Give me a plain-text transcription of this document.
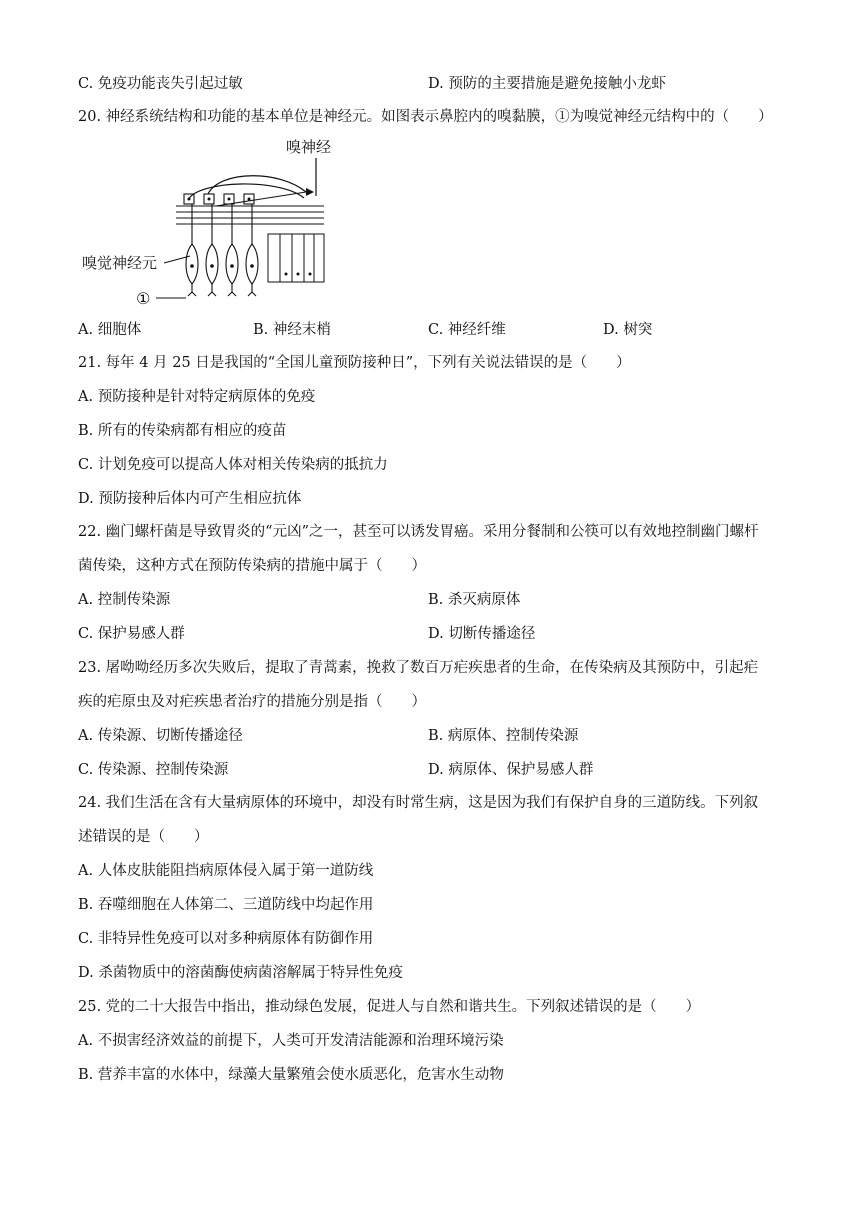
C. 免疫功能丧失引起过敏	D. 预防的主要措施是避免接触小龙虾
20. 神经系统结构和功能的基本单位是神经元。如图表示鼻腔内的嗅黏膜，①为嗅觉神经元结构中的（　　）
嗅神经
嗅觉神经元
①
A. 细胞体	B. 神经末梢	C. 神经纤维	D. 树突
21. 每年 4 月 25 日是我国的“全国儿童预防接种日”，下列有关说法错误的是（　　）
A. 预防接种是针对特定病原体的免疫
B. 所有的传染病都有相应的疫苗
C. 计划免疫可以提高人体对相关传染病的抵抗力
D. 预防接种后体内可产生相应抗体
22. 幽门螺杆菌是导致胃炎的“元凶”之一，甚至可以诱发胃癌。采用分餐制和公筷可以有效地控制幽门螺杆
菌传染，这种方式在预防传染病的措施中属于（　　）
A. 控制传染源	B. 杀灭病原体
C. 保护易感人群	D. 切断传播途径
23. 屠呦呦经历多次失败后，提取了青蒿素，挽救了数百万疟疾患者的生命，在传染病及其预防中，引起疟
疾的疟原虫及对疟疾患者治疗的措施分别是指（　　）
A. 传染源、切断传播途径	B. 病原体、控制传染源
C. 传染源、控制传染源	D. 病原体、保护易感人群
24. 我们生活在含有大量病原体的环境中，却没有时常生病，这是因为我们有保护自身的三道防线。下列叙
述错误的是（　　）
A. 人体皮肤能阻挡病原体侵入属于第一道防线
B. 吞噬细胞在人体第二、三道防线中均起作用
C. 非特异性免疫可以对多种病原体有防御作用
D. 杀菌物质中的溶菌酶使病菌溶解属于特异性免疫
25. 党的二十大报告中指出，推动绿色发展，促进人与自然和谐共生。下列叙述错误的是（　　）
A. 不损害经济效益的前提下，人类可开发清洁能源和治理环境污染
B. 营养丰富的水体中，绿藻大量繁殖会使水质恶化，危害水生动物
